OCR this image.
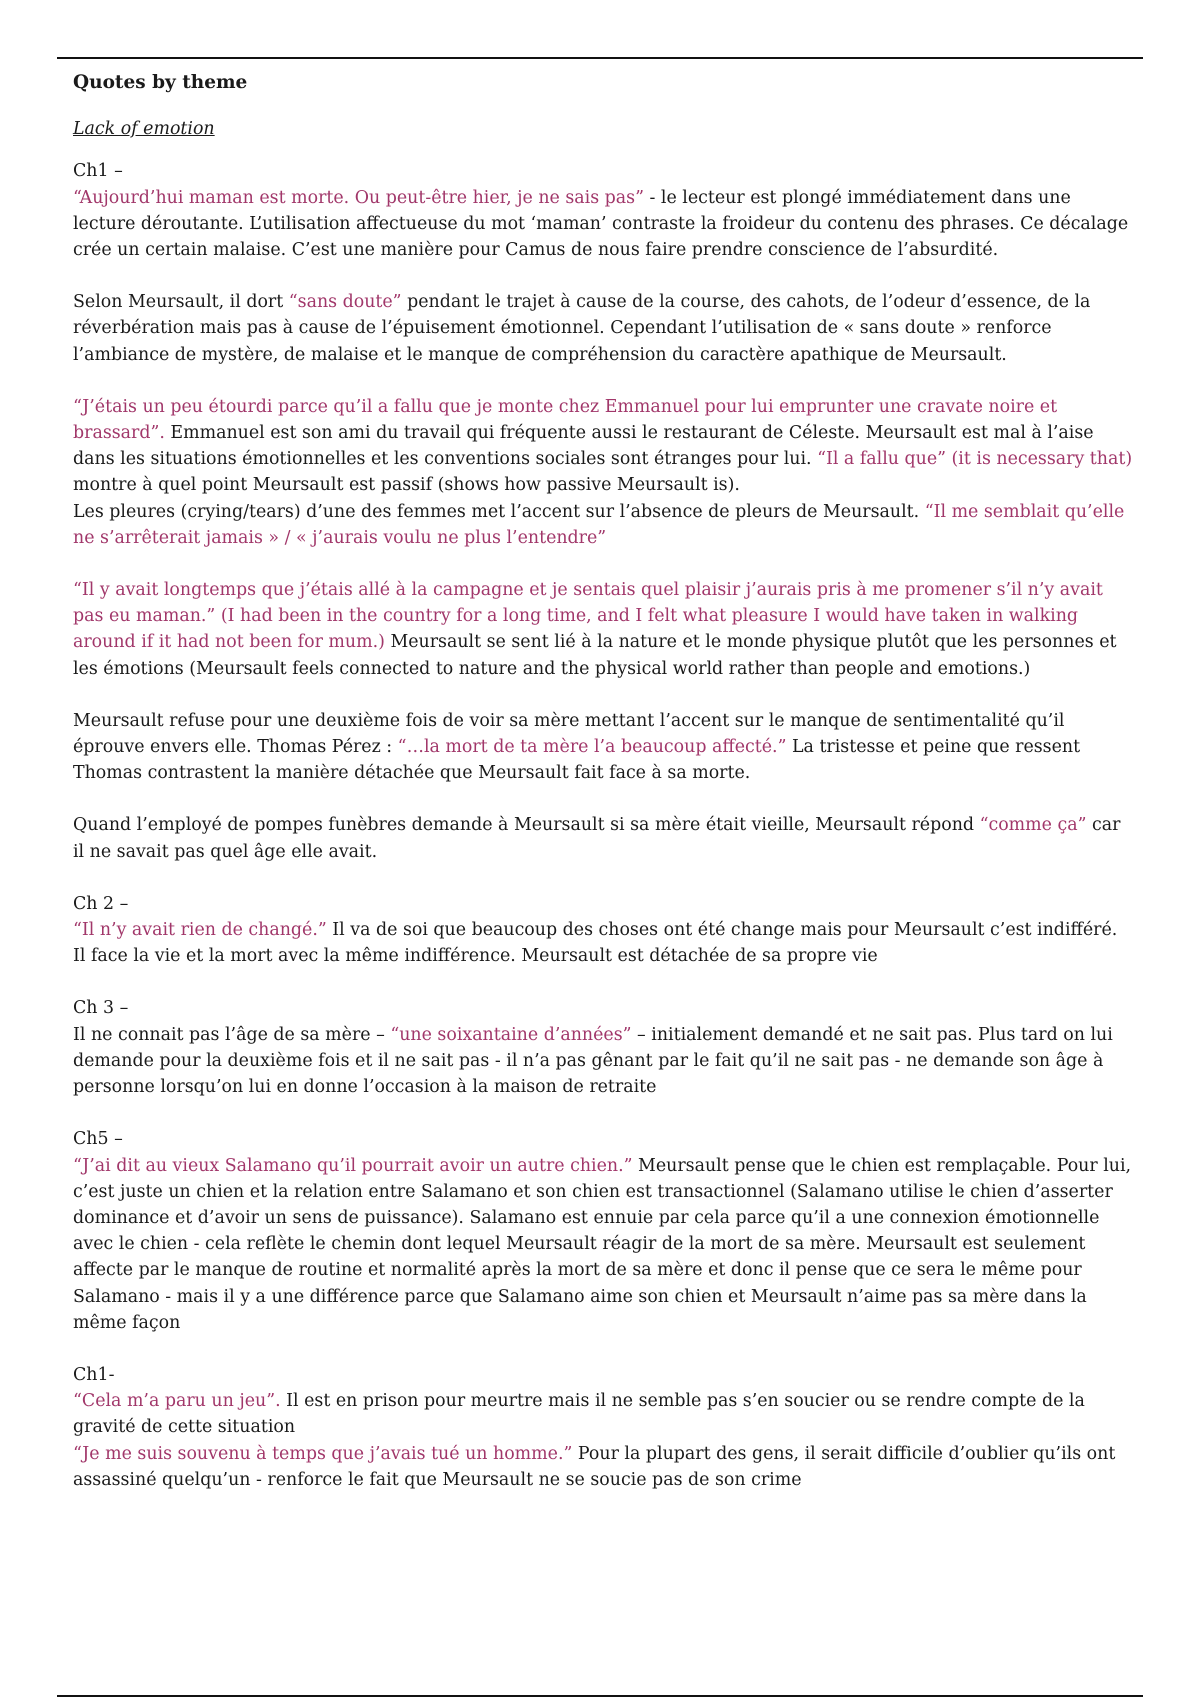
Quotes by theme
Lack of emotion

Ch1 –
“Aujourd’hui maman est morte. Ou peut-être hier, je ne sais pas” - le lecteur est plongé immédiatement dans une lecture déroutante. L’utilisation affectueuse du mot ‘maman’ contraste la froideur du contenu des phrases. Ce décalage crée un certain malaise. C’est une manière pour Camus de nous faire prendre conscience de l’absurdité.

Selon Meursault, il dort “sans doute” pendant le trajet à cause de la course, des cahots, de l’odeur d’essence, de la réverbération mais pas à cause de l’épuisement émotionnel. Cependant l’utilisation de « sans doute » renforce l’ambiance de mystère, de malaise et le manque de compréhension du caractère apathique de Meursault.

“J’étais un peu étourdi parce qu’il a fallu que je monte chez Emmanuel pour lui emprunter une cravate noire et brassard”. Emmanuel est son ami du travail qui fréquente aussi le restaurant de Céleste. Meursault est mal à l’aise dans les situations émotionnelles et les conventions sociales sont étranges pour lui. “Il a fallu que” (it is necessary that) montre à quel point Meursault est passif (shows how passive Meursault is).
Les pleures (crying/tears) d’une des femmes met l’accent sur l’absence de pleurs de Meursault. “Il me semblait qu’elle ne s’arrêterait jamais » / « j’aurais voulu ne plus l’entendre”

“Il y avait longtemps que j’étais allé à la campagne et je sentais quel plaisir j’aurais pris à me promener s’il n’y avait pas eu maman.” (I had been in the country for a long time, and I felt what pleasure I would have taken in walking around if it had not been for mum.) Meursault se sent lié à la nature et le monde physique plutôt que les personnes et les émotions (Meursault feels connected to nature and the physical world rather than people and emotions.)

Meursault refuse pour une deuxième fois de voir sa mère mettant l’accent sur le manque de sentimentalité qu’il éprouve envers elle. Thomas Pérez : “…la mort de ta mère l’a beaucoup affecté.” La tristesse et peine que ressent Thomas contrastent la manière détachée que Meursault fait face à sa morte.

Quand l’employé de pompes funèbres demande à Meursault si sa mère était vieille, Meursault répond “comme ça” car il ne savait pas quel âge elle avait.

Ch 2 –
“Il n’y avait rien de changé.” Il va de soi que beaucoup des choses ont été change mais pour Meursault c’est indifféré. Il face la vie et la mort avec la même indifférence. Meursault est détachée de sa propre vie

Ch 3 –
Il ne connait pas l’âge de sa mère – “une soixantaine d’années” – initialement demandé et ne sait pas. Plus tard on lui demande pour la deuxième fois et il ne sait pas - il n’a pas gênant par le fait qu’il ne sait pas - ne demande son âge à personne lorsqu’on lui en donne l’occasion à la maison de retraite

Ch5 –
“J’ai dit au vieux Salamano qu’il pourrait avoir un autre chien.” Meursault pense que le chien est remplaçable. Pour lui, c’est juste un chien et la relation entre Salamano et son chien est transactionnel (Salamano utilise le chien d’asserter dominance et d’avoir un sens de puissance). Salamano est ennuie par cela parce qu’il a une connexion émotionnelle avec le chien - cela reflète le chemin dont lequel Meursault réagir de la mort de sa mère. Meursault est seulement affecte par le manque de routine et normalité après la mort de sa mère et donc il pense que ce sera le même pour Salamano - mais il y a une différence parce que Salamano aime son chien et Meursault n’aime pas sa mère dans la même façon

Ch1-
“Cela m’a paru un jeu”. Il est en prison pour meurtre mais il ne semble pas s’en soucier ou se rendre compte de la gravité de cette situation
“Je me suis souvenu à temps que j’avais tué un homme.” Pour la plupart des gens, il serait difficile d’oublier qu’ils ont assassiné quelqu’un - renforce le fait que Meursault ne se soucie pas de son crime
